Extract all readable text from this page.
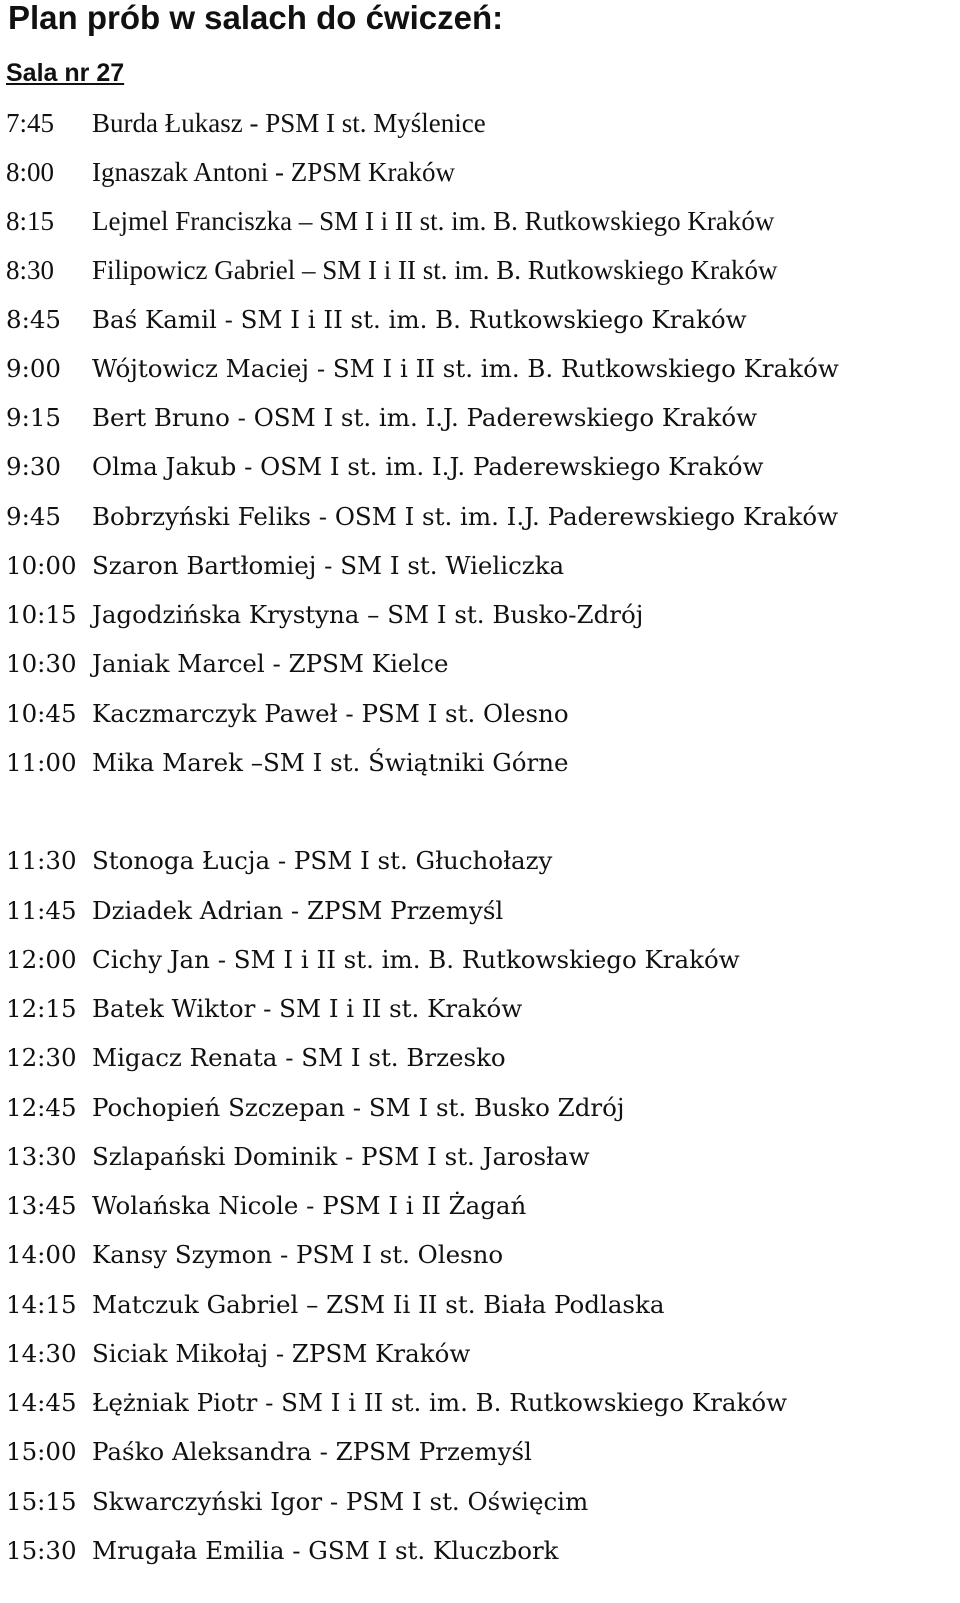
Plan prób w salach do ćwiczeń:
Sala nr 27
7:45 Burda Łukasz - PSM I st. Myślenice
8:00 Ignaszak Antoni - ZPSM Kraków
8:15 Lejmel Franciszka – SM I i II st. im. B. Rutkowskiego Kraków
8:30 Filipowicz Gabriel – SM I i II st. im. B. Rutkowskiego Kraków
8:45 Baś Kamil - SM I i II st. im. B. Rutkowskiego Kraków
9:00 Wójtowicz Maciej - SM I i II st. im. B. Rutkowskiego Kraków
9:15 Bert Bruno - OSM I st. im. I.J. Paderewskiego Kraków
9:30 Olma Jakub - OSM I st. im. I.J. Paderewskiego Kraków
9:45 Bobrzyński Feliks - OSM I st. im. I.J. Paderewskiego Kraków
10:00 Szaron Bartłomiej - SM I st. Wieliczka
10:15 Jagodzińska Krystyna – SM I st. Busko-Zdrój
10:30 Janiak Marcel - ZPSM Kielce
10:45 Kaczmarczyk Paweł - PSM I st. Olesno
11:00 Mika Marek –SM I st. Świątniki Górne
11:30 Stonoga Łucja - PSM I st. Głuchołazy
11:45 Dziadek Adrian - ZPSM Przemyśl
12:00 Cichy Jan - SM I i II st. im. B. Rutkowskiego Kraków
12:15 Batek Wiktor - SM I i II st. Kraków
12:30 Migacz Renata - SM I st. Brzesko
12:45 Pochopień Szczepan - SM I st. Busko Zdrój
13:30 Szlapański Dominik - PSM I st. Jarosław
13:45 Wolańska Nicole - PSM I i II Żagań
14:00 Kansy Szymon - PSM I st. Olesno
14:15 Matczuk Gabriel – ZSM Ii II st. Biała Podlaska
14:30 Siciak Mikołaj - ZPSM Kraków
14:45 Łężniak Piotr - SM I i II st. im. B. Rutkowskiego Kraków
15:00 Paśko Aleksandra - ZPSM Przemyśl
15:15 Skwarczyński Igor - PSM I st. Oświęcim
15:30 Mrugała Emilia - GSM I st. Kluczbork
